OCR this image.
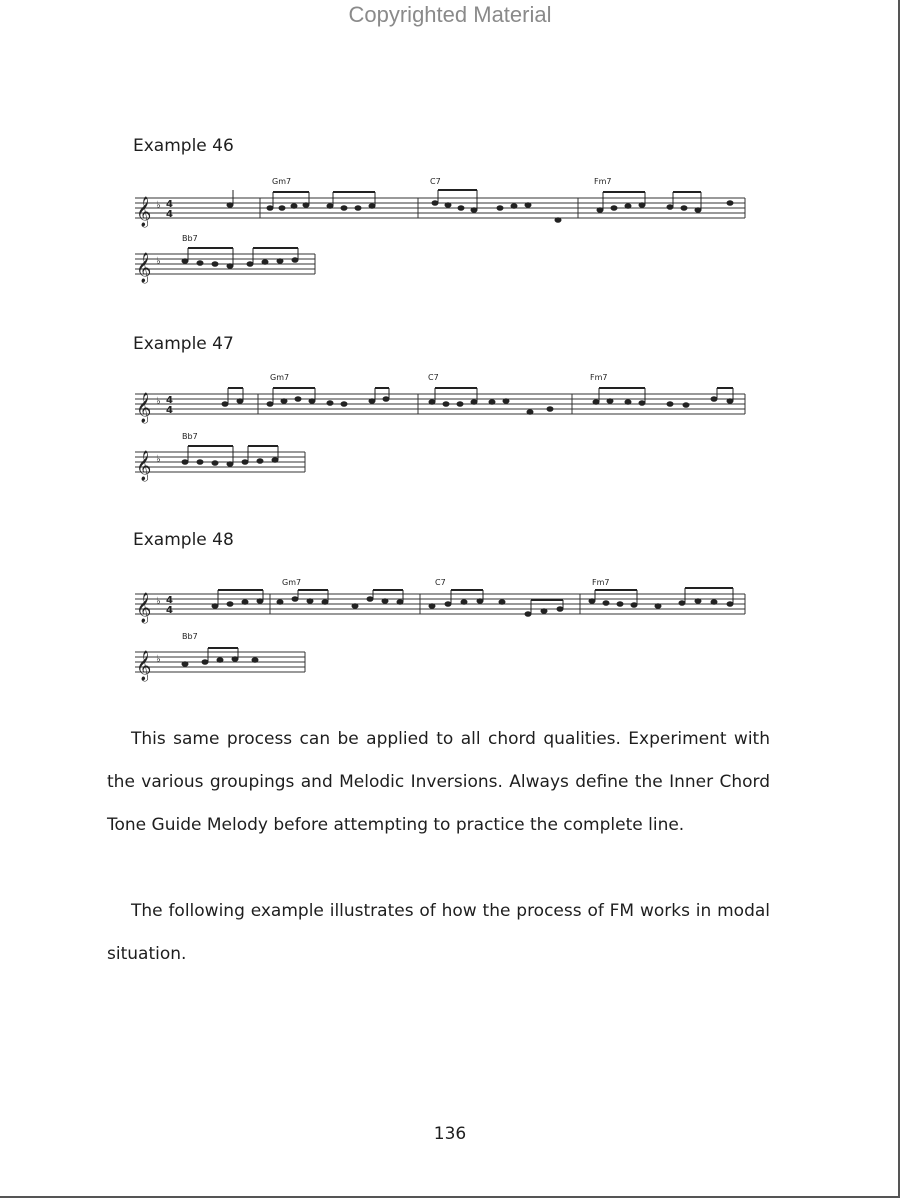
Copyrighted Material
Example 46
𝄞 ♭ 4
4
Gm7	C7	Fm7
𝄞 ♭
Bb7
Example 47
𝄞 ♭ 4
4
Gm7	C7	Fm7
𝄞 ♭
Bb7
Example 48
𝄞 ♭ 4
4
Gm7	C7	Fm7
𝄞 ♭
Bb7

This same process can be applied to all chord qualities. Experiment with the various groupings and Melodic Inversions. Always define the Inner Chord Tone Guide Melody before attempting to practice the complete line.

The following example illustrates of how the process of FM works in modal situation.

136
